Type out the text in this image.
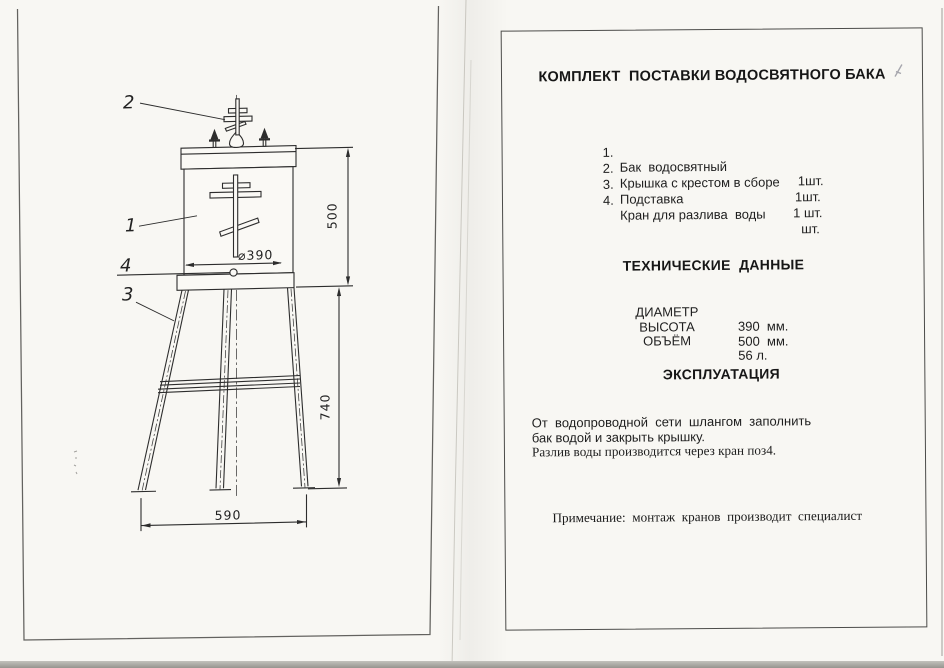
⌀390
500
740
590
2
1
4
3
КОМПЛЕКТ  ПОСТАВКИ ВОДОСВЯТНОГО БАКА

1.

Бак  водосвятный

1шт.

2.

Крышка с крестом в сборе

1шт.

3.

Подставка

1 шт.

4.

Кран для разлива  воды

шт.

ТЕХНИЧЕСКИЕ  ДАННЫЕ

ДИАМЕТР

390  мм.

ВЫСОТА

500  мм.

ОБЪЁМ

56 л.

ЭКСПЛУАТАЦИЯ

От  водопроводной  сети  шлангом  заполнить

бак водой и закрыть крышку.

Разлив воды производится через кран поз4.

Примечание:  монтаж  кранов  производит  специалист
